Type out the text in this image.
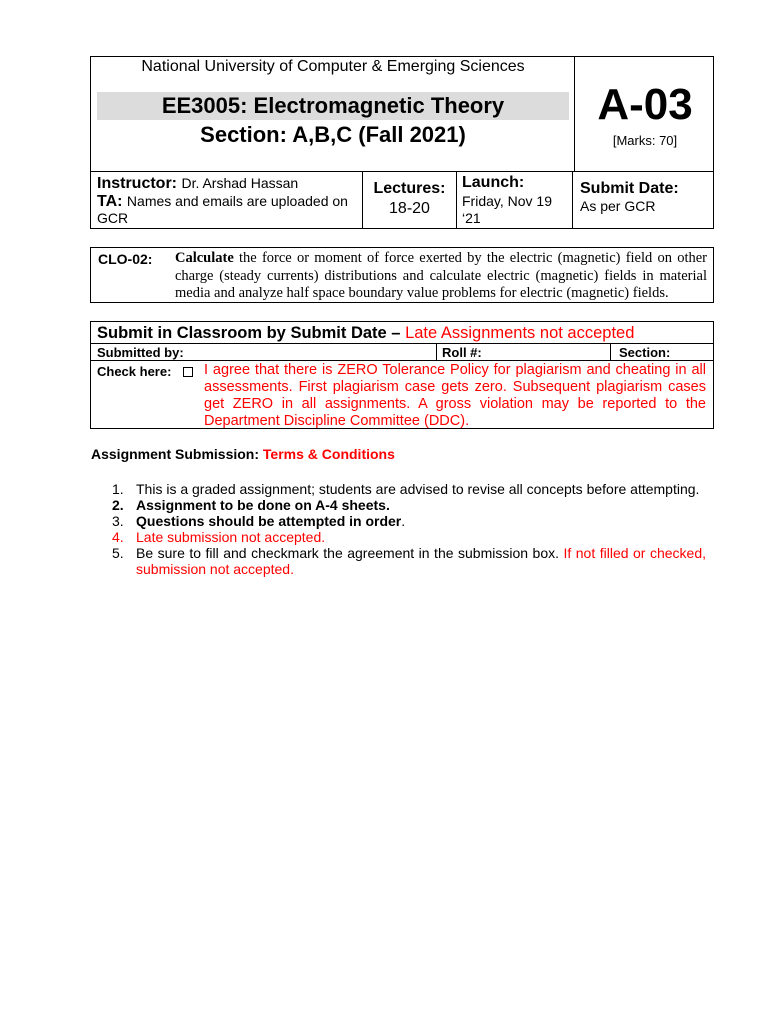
National University of Computer & Emerging Sciences
EE3005: Electromagnetic Theory
Section: A,B,C (Fall 2021)
A-03
[Marks: 70]
Instructor: Dr. Arshad Hassan
TA: Names and emails are uploaded on GCR
Lectures:
18-20
Launch:
Friday, Nov 19 ‘21
Submit Date:
As per GCR
CLO-02: Calculate the force or moment of force exerted by the electric (magnetic) field on other charge (steady currents) distributions and calculate electric (magnetic) fields in material media and analyze half space boundary value problems for electric (magnetic) fields.
Submit in Classroom by Submit Date – Late Assignments not accepted
Submitted by:	Roll #:	Section:
Check here: I agree that there is ZERO Tolerance Policy for plagiarism and cheating in all assessments. First plagiarism case gets zero. Subsequent plagiarism cases get ZERO in all assignments. A gross violation may be reported to the Department Discipline Committee (DDC).
Assignment Submission: Terms & Conditions
1. This is a graded assignment; students are advised to revise all concepts before attempting.
2. Assignment to be done on A-4 sheets.
3. Questions should be attempted in order.
4. Late submission not accepted.
5. Be sure to fill and checkmark the agreement in the submission box. If not filled or checked, submission not accepted.
